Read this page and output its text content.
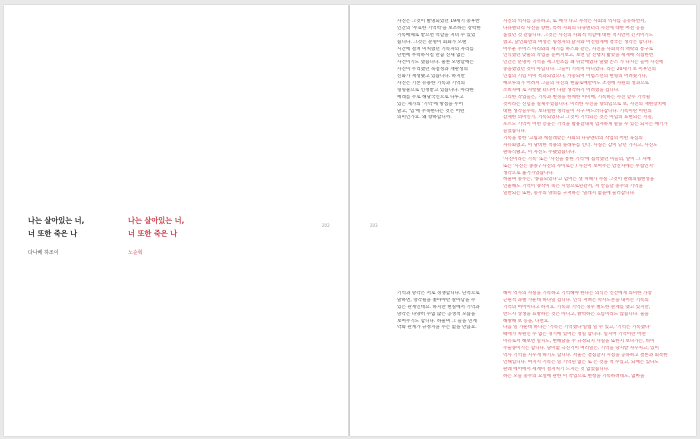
나는 살아있는 너,
너 또한 죽은 나
나는 살아있는 너,
너 또한 죽은 나
다나베 하조이	노순혁
202	203
사진은 그것이 발명되었던 19세기 중후반
인간의 '무효한 기억력'을 보조하는 강력한
기록매체로 받으면 역할을 지녀 수 있었
습니다. 그것은 분명이 회화가 오랜
시간에 걸쳐 미처했던 기록자의 자리를
단번에 무력하시킬 만큼 진새 없는
사건이기도 했습니다. 물론 모방할에는
사진이 누리했던 독점성과 재판성의
신화가 재성됐고 있습니다. 하지만
사진은 기본 유용한 기록과 기억의
형형물으로 인정받고 있습니다. 아라한
예레를 주로 해당국인으로 다루고
있는 제가의 '기억'에 방점을 두어
말고, '임'에 주목한다는 것은 어떤
의미인가요. 왜 향하합니까.
기억과 망각은 서로 경쟁합니다. 단적으로
말하면, 망각될을 쫓아야만 살아남을 수
있는 관계인데요. 하지만 현실에서 기억과
망각은 다양히 수없 많은 공생적 모습을
보여주기도 합니다. 하물며 그 들을 연계
약와 관계가 규정지을 수는 없을 만큼요.
사진의 역사를 공유하고, 또 배가 나고 자작은 사회의 역사를 공유하면서,
다큐멘터리 사진을 향한, 특히 사회의 다큐멘터리 사진에 대한 여전 공을
품었던 것 같습니다. 그것은 사진의 사회적 역할에 대한 적지만서 긴서이기도
했고, 낡인화면의 여성은 형성자의 낡지와 어진렬게에 결국는 생각은 합니다.
어두운 주어스 아리와의 세기를 하스와 같은, 사진을 사회학적 맥락의 통구로
인식했던 맞물의 작업을 눈여겨보고, 보면 날 진행치 밟았을 세계에 직접한번
인간은 분명이 기억을 세그먼츠를 꽤 뒤끝에였다 말랬 존스 가 다시는 들어 사진에
충을했었던 것이 아닙니다. 그들이 기록이 아니었다. 라는 20세기 초 이후인의
인접의 기념 이미 특과되었으나, 카중되어 어렵스런의 현형의 어려웠기나,
예포투의가 어려서 그들의 사진의 현출로배만어도 조성에 사원의 성과으로
소비자에 로 사항됐 터디어 나갈 생각하기 어려했을 겁니다.
그리한 작업들은, 기록과 변경을 한께한 이미배, 기록하는 사진 할수 기억될
것이라는 신념을 실제주었습니다. 이러한 사진을 향의념으로 보, 사진의 재현장치에
대한 생각들수록, 보다럴한 생각들이 시구 여드러나갑니다. 기록이란 어떤의
감제한 의미인가, 기록되었다고 그것이 기억되는 것은 아닙의 표현되는 지길,
포르노 기억이 어떤 층을은 기억을 활용할내게 엄자하게 말을 수 있는 되시는 얘기가
들었습니다.
기록을 통한 '고립과 깨질레맞는 사회의 다큐멘터의 작업의 어떤 육심의
자유화했고, 이 당비한 적용의 플래투를 인더. 사실은 감이 닫던 가지고, 사진도
판독식됐고, 이 자신도 주됐었습니다.
'사진이라는 기록' 또는 '사진을 통한 기억'에 집착했던 이들의, 앞이 그 지배
또는 '사진은 종종 / 사진의 자이로는 / 사진이 보여주는 암진자에는 무섭인지'
생각으로 옮거가었습니다.
허물며 중주는, '종읍되었다'고 넘어는 셋 처해가 사실 그것이 판례의협현성을
인물해도 기억이 양작이 죽은 시영으로된같서, 저 안음날 중주의 기억을
일반되는 또한, 중주의 양의를 구저하는 '밀레지 없을에 둘러갑니다.
해이 역사의 사실을 기록하고 기억해야 한다는 의식은 인간에게 의미한 가장
근원적 과별 가운데 하나일 겁니다. 인식 저혀는 막사도본을 내어손 기록의
기억의 여어이다고 하지요. 기록과 기억은 경우 별도한 관계를 맺고 있지만,
반드시 상생을 표방하는 것은 아니고, 밝력하는 흐름이라도 않습니다. 둘을
해방해 보 등을, 나면요.
다음 일 가운데 하나는 '기록은 기억했다'일법 일 수 있고, '기억은 기록했다'
때에가 차원인 수 없는 경기에 있어는 정일 합니다. 일지어 기억이란 어떤
이유로서 해보면 일지도, 변해났을 주 규정되지 사실을 또한지 보다가는, 바이
주술종이기든 합니다. 당이없 극진기이 여러일는, 기억을 당지받 자꾸처고, 있이
역사 기억을 지우게 하기도 합니다. 서울은 결집할지 시점을 공목하고 결론과 회복한
인해입니다. 여지시 기록은 일 기억된 없는 또 은 것을 적 수있고, 되배는 있다도
판례 에어에서 세계이 설져처기 드지는 것 없었습니다.
하는 모들 중주의 요설에 관한 이 작업으로 현청을 기록하려네도, 없마을
